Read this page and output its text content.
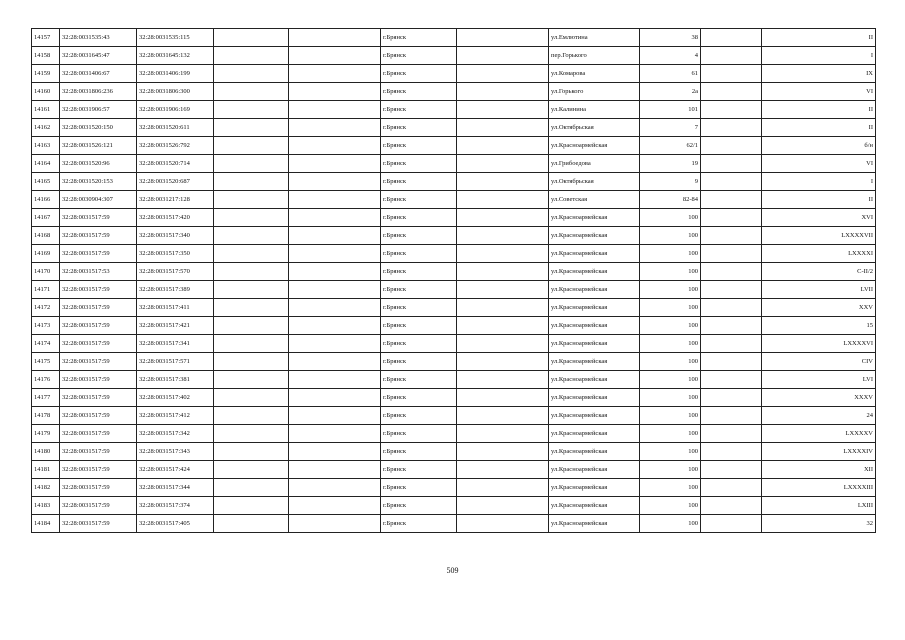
14157	32:28:0031535:43	32:28:0031535:115			г.Брянск		ул.Емлютина	38		II
14158	32:28:0031645:47	32:28:0031645:132			г.Брянск		пер.Горького	4		I
14159	32:28:0031406:67	32:28:0031406:199			г.Брянск		ул.Комарова	61		IX
14160	32:28:0031806:236	32:28:0031806:300			г.Брянск		ул.Горького	2а		VI
14161	32:28:0031906:57	32:28:0031906:169			г.Брянск		ул.Калинина	101		II
14162	32:28:0031520:150	32:28:0031520:611			г.Брянск		ул.Октябрьская	7		II
14163	32:28:0031526:121	32:28:0031526:792			г.Брянск		ул.Красноармейская	62/1		б/н
14164	32:28:0031520:96	32:28:0031520:714			г.Брянск		ул.Грибоедова	19		VI
14165	32:28:0031520:153	32:28:0031520:687			г.Брянск		ул.Октябрьская	9		I
14166	32:28:0030904:307	32:28:0031217:128			г.Брянск		ул.Советская	82-84		II
14167	32:28:0031517:59	32:28:0031517:420			г.Брянск		ул.Красноармейская	100		XVI
14168	32:28:0031517:59	32:28:0031517:340			г.Брянск		ул.Красноармейская	100		LXXXXVII
14169	32:28:0031517:59	32:28:0031517:350			г.Брянск		ул.Красноармейская	100		LXXXXI
14170	32:28:0031517:53	32:28:0031517:570			г.Брянск		ул.Красноармейская	100		С-II/2
14171	32:28:0031517:59	32:28:0031517:389			г.Брянск		ул.Красноармейская	100		LVII
14172	32:28:0031517:59	32:28:0031517:411			г.Брянск		ул.Красноармейская	100		XXV
14173	32:28:0031517:59	32:28:0031517:421			г.Брянск		ул.Красноармейская	100		15
14174	32:28:0031517:59	32:28:0031517:341			г.Брянск		ул.Красноармейская	100		LXXXXVI
14175	32:28:0031517:59	32:28:0031517:571			г.Брянск		ул.Красноармейская	100		CIV
14176	32:28:0031517:59	32:28:0031517:381			г.Брянск		ул.Красноармейская	100		LVI
14177	32:28:0031517:59	32:28:0031517:402			г.Брянск		ул.Красноармейская	100		XXXV
14178	32:28:0031517:59	32:28:0031517:412			г.Брянск		ул.Красноармейская	100		24
14179	32:28:0031517:59	32:28:0031517:342			г.Брянск		ул.Красноармейская	100		LXXXXV
14180	32:28:0031517:59	32:28:0031517:343			г.Брянск		ул.Красноармейская	100		LXXXXIV
14181	32:28:0031517:59	32:28:0031517:424			г.Брянск		ул.Красноармейская	100		XII
14182	32:28:0031517:59	32:28:0031517:344			г.Брянск		ул.Красноармейская	100		LXXXXIII
14183	32:28:0031517:59	32:28:0031517:374			г.Брянск		ул.Красноармейская	100		LXIII
14184	32:28:0031517:59	32:28:0031517:405			г.Брянск		ул.Красноармейская	100		32
509
